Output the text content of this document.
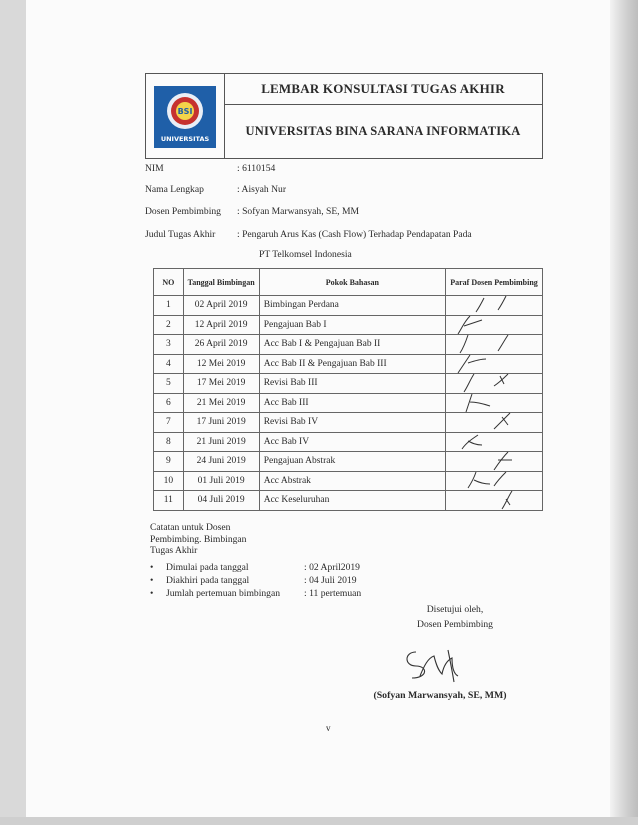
BSI
UNIVERSITAS
LEMBAR KONSULTASI TUGAS AKHIR
UNIVERSITAS BINA SARANA INFORMATIKA
NIM	: 6110154
Nama Lengkap	: Aisyah Nur
Dosen Pembimbing : Sofyan Marwansyah, SE, MM
Judul Tugas Akhir : Pengaruh Arus Kas (Cash Flow) Terhadap Pendapatan Pada
PT Telkomsel Indonesia
NO	Tanggal Bimbingan	Pokok Bahasan	Paraf Dosen Pembimbing
1	02 April 2019	Bimbingan Perdana	

2	12 April 2019	Pengajuan Bab I	

3	26 April 2019	Acc Bab I & Pengajuan Bab II	

4	12 Mei 2019	Acc Bab II & Pengajuan Bab III	

5	17 Mei 2019	Revisi Bab III	

6	21 Mei 2019	Acc Bab III	

7	17 Juni 2019	Revisi Bab IV	

8	21 Juni 2019	Acc Bab IV	

9	24 Juni 2019	Pengajuan Abstrak	

10	01 Juli 2019	Acc Abstrak	

11	04 Juli 2019	Acc Keseluruhan	
Catatan untuk Dosen
Pembimbing. Bimbingan
Tugas Akhir
• Dimulai pada tanggal	: 02 April2019
• Diakhiri pada tanggal	: 04 Juli 2019
• Jumlah pertemuan bimbingan : 11 pertemuan
Disetujui oleh,
Dosen Pembimbing
(Sofyan Marwansyah, SE, MM)
v
